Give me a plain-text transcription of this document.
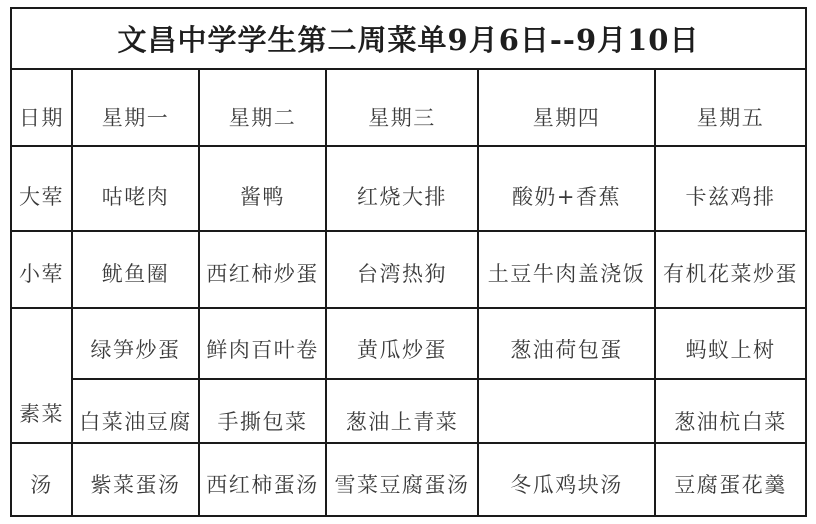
文昌中学学生第二周菜单9月6日--9月10日					
日期	星期一	星期二	星期三	星期四	星期五
大荤	咕咾肉	酱鸭	红烧大排	酸奶+香蕉	卡兹鸡排
小荤	鱿鱼圈	西红柿炒蛋	台湾热狗	土豆牛肉盖浇饭	有机花菜炒蛋
素菜	绿笋炒蛋	鲜肉百叶卷	黄瓜炒蛋	葱油荷包蛋	蚂蚁上树
	白菜油豆腐	手撕包菜	葱油上青菜		葱油杭白菜
汤	紫菜蛋汤	西红柿蛋汤	雪菜豆腐蛋汤	冬瓜鸡块汤	豆腐蛋花羹
